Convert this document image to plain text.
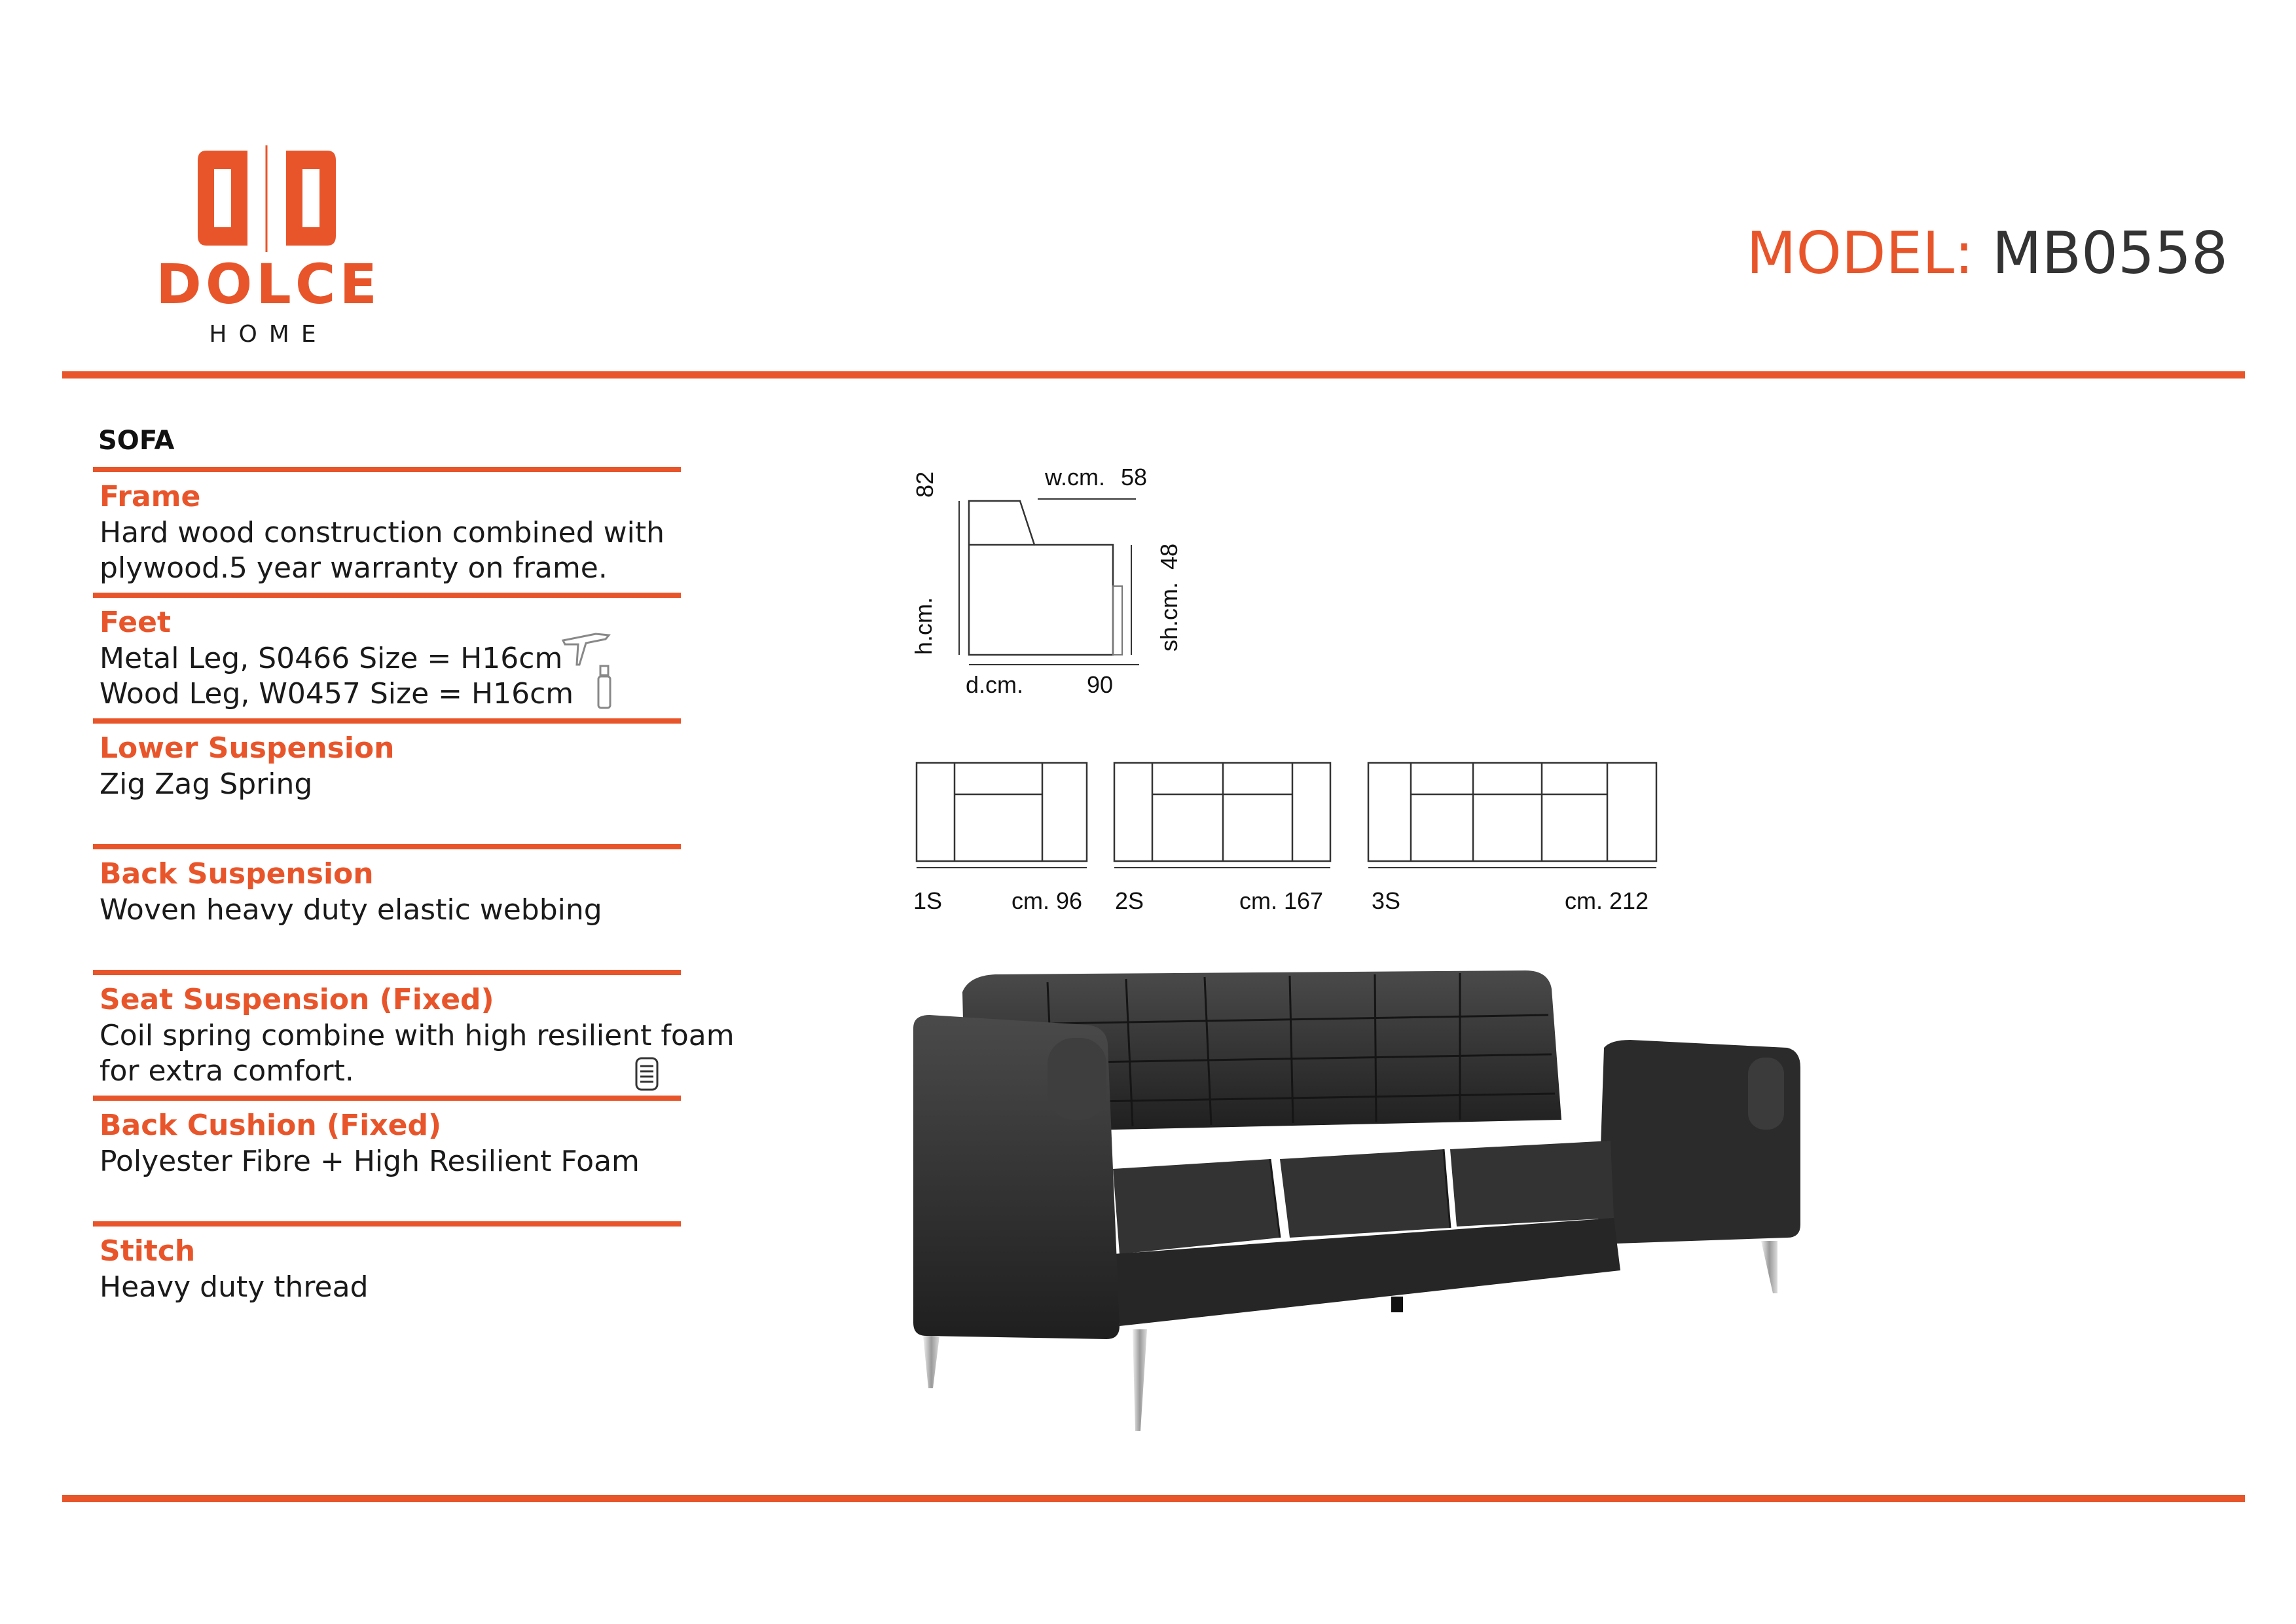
DOLCE
HOME
MODEL: MB0558
SOFA
Frame
Hard wood construction combined with
plywood.5 year warranty on frame.
Feet
Metal Leg, S0466 Size = H16cm
Wood Leg, W0457 Size = H16cm
Lower Suspension
Zig Zag Spring
Back Suspension
Woven heavy duty elastic webbing
Seat Suspension (Fixed)
Coil spring combine with high resilient foam
for extra comfort.
Back Cushion (Fixed)
Polyester Fibre + High Resilient Foam
Stitch
Heavy duty thread
w.cm. 58
82
h.cm.
48
sh.cm.
d.cm.	90
1S	cm. 96 2S	cm. 167 3S	cm. 212
